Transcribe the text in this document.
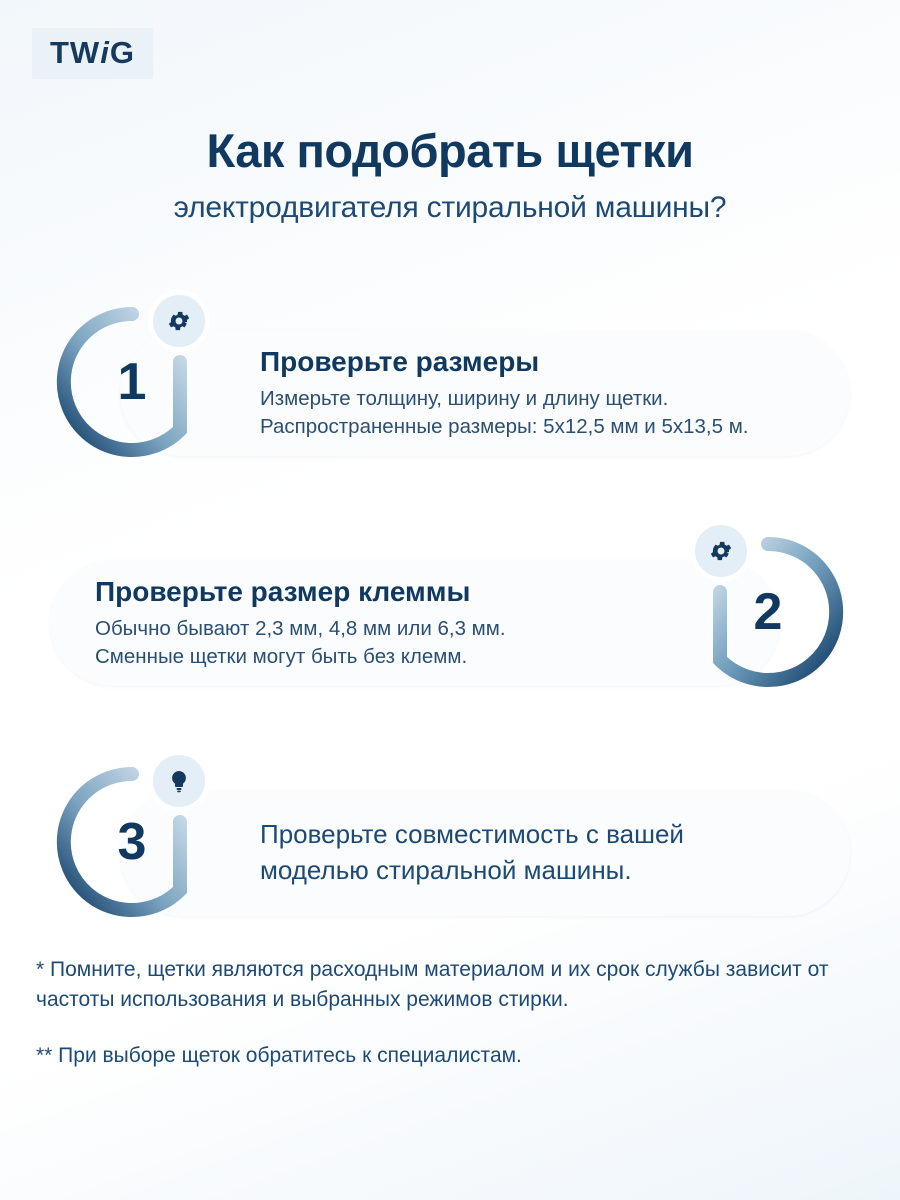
TWiG
Как подобрать щетки
электродвигателя стиральной машины?
Проверьте размеры
Измерьте толщину, ширину и длину щетки.
Распространенные размеры: 5x12,5 мм и 5x13,5 м.
1
Проверьте размер клеммы
Обычно бывают 2,3 мм, 4,8 мм или 6,3 мм.
Сменные щетки могут быть без клемм.
2
Проверьте совместимость с вашей
моделью стиральной машины.
3

* Помните, щетки являются расходным материалом и их срок службы зависит от частоты использования и выбранных режимов стирки.

** При выборе щеток обратитесь к специалистам.
